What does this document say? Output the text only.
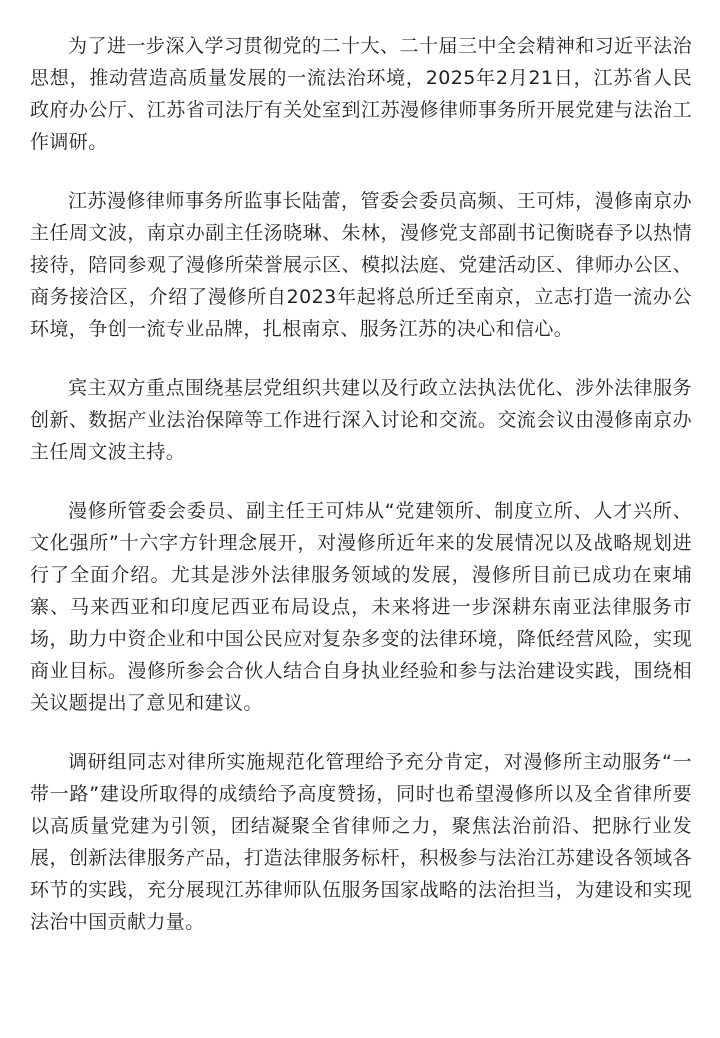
为了进一步深入学习贯彻党的二十大、二十届三中全会精神和习近平法治思想，推动营造高质量发展的一流法治环境，2025年2月21日，江苏省人民政府办公厅、江苏省司法厅有关处室到江苏漫修律师事务所开展党建与法治工作调研。

江苏漫修律师事务所监事长陆蕾，管委会委员高频、王可炜，漫修南京办主任周文波，南京办副主任汤晓琳、朱林，漫修党支部副书记衡晓春予以热情接待，陪同参观了漫修所荣誉展示区、模拟法庭、党建活动区、律师办公区、商务接洽区，介绍了漫修所自2023年起将总所迁至南京，立志打造一流办公环境，争创一流专业品牌，扎根南京、服务江苏的决心和信心。

宾主双方重点围绕基层党组织共建以及行政立法执法优化、涉外法律服务创新、数据产业法治保障等工作进行深入讨论和交流。交流会议由漫修南京办主任周文波主持。

漫修所管委会委员、副主任王可炜从“党建领所、制度立所、人才兴所、文化强所”十六字方针理念展开，对漫修所近年来的发展情况以及战略规划进行了全面介绍。尤其是涉外法律服务领域的发展，漫修所目前已成功在柬埔寨、马来西亚和印度尼西亚布局设点，未来将进一步深耕东南亚法律服务市场，助力中资企业和中国公民应对复杂多变的法律环境，降低经营风险，实现商业目标。漫修所参会合伙人结合自身执业经验和参与法治建设实践，围绕相关议题提出了意见和建议。

调研组同志对律所实施规范化管理给予充分肯定，对漫修所主动服务“一带一路”建设所取得的成绩给予高度赞扬，同时也希望漫修所以及全省律所要以高质量党建为引领，团结凝聚全省律师之力，聚焦法治前沿、把脉行业发展，创新法律服务产品，打造法律服务标杆，积极参与法治江苏建设各领域各环节的实践，充分展现江苏律师队伍服务国家战略的法治担当，为建设和实现法治中国贡献力量。
